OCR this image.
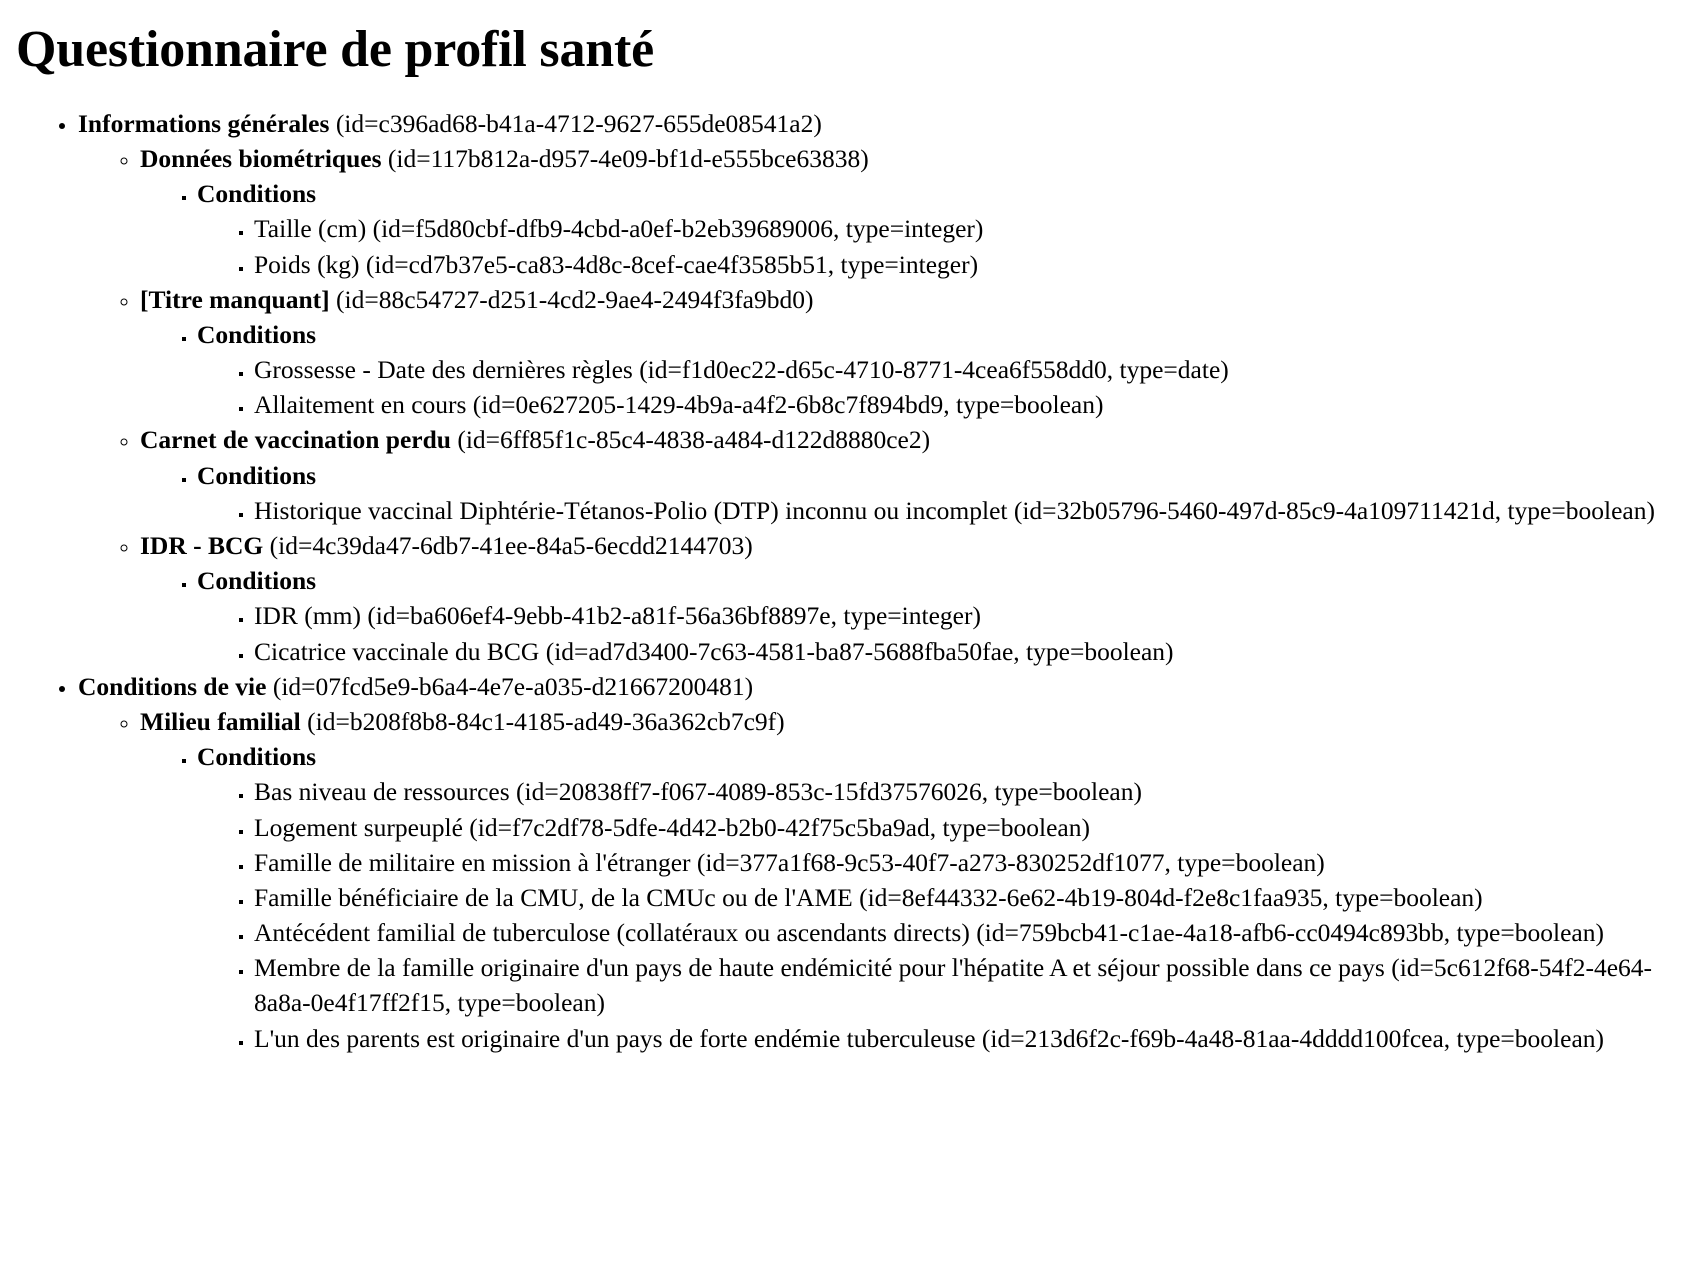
Questionnaire de profil santé
• Informations générales (id=c396ad68-b41a-4712-9627-655de08541a2)
◦ Données biométriques (id=117b812a-d957-4e09-bf1d-e555bce63838)
▪ Conditions
▪ Taille (cm) (id=f5d80cbf-dfb9-4cbd-a0ef-b2eb39689006, type=integer)
▪ Poids (kg) (id=cd7b37e5-ca83-4d8c-8cef-cae4f3585b51, type=integer)
◦ [Titre manquant] (id=88c54727-d251-4cd2-9ae4-2494f3fa9bd0)
▪ Conditions
▪ Grossesse - Date des dernières règles (id=f1d0ec22-d65c-4710-8771-4cea6f558dd0, type=date)
▪ Allaitement en cours (id=0e627205-1429-4b9a-a4f2-6b8c7f894bd9, type=boolean)
◦ Carnet de vaccination perdu (id=6ff85f1c-85c4-4838-a484-d122d8880ce2)
▪ Conditions
▪ Historique vaccinal Diphtérie-Tétanos-Polio (DTP) inconnu ou incomplet (id=32b05796-5460-497d-85c9-4a109711421d, type=boolean)
◦ IDR - BCG (id=4c39da47-6db7-41ee-84a5-6ecdd2144703)
▪ Conditions
▪ IDR (mm) (id=ba606ef4-9ebb-41b2-a81f-56a36bf8897e, type=integer)
▪ Cicatrice vaccinale du BCG (id=ad7d3400-7c63-4581-ba87-5688fba50fae, type=boolean)
• Conditions de vie (id=07fcd5e9-b6a4-4e7e-a035-d21667200481)
◦ Milieu familial (id=b208f8b8-84c1-4185-ad49-36a362cb7c9f)
▪ Conditions
▪ Bas niveau de ressources (id=20838ff7-f067-4089-853c-15fd37576026, type=boolean)
▪ Logement surpeuplé (id=f7c2df78-5dfe-4d42-b2b0-42f75c5ba9ad, type=boolean)
▪ Famille de militaire en mission à l'étranger (id=377a1f68-9c53-40f7-a273-830252df1077, type=boolean)
▪ Famille bénéficiaire de la CMU, de la CMUc ou de l'AME (id=8ef44332-6e62-4b19-804d-f2e8c1faa935, type=boolean)
▪ Antécédent familial de tuberculose (collatéraux ou ascendants directs) (id=759bcb41-c1ae-4a18-afb6-cc0494c893bb, type=boolean)
▪ Membre de la famille originaire d'un pays de haute endémicité pour l'hépatite A et séjour possible dans ce pays (id=5c612f68-54f2-4e64-8a8a-0e4f17ff2f15, type=boolean)
▪ L'un des parents est originaire d'un pays de forte endémie tuberculeuse (id=213d6f2c-f69b-4a48-81aa-4dddd100fcea, type=boolean)
